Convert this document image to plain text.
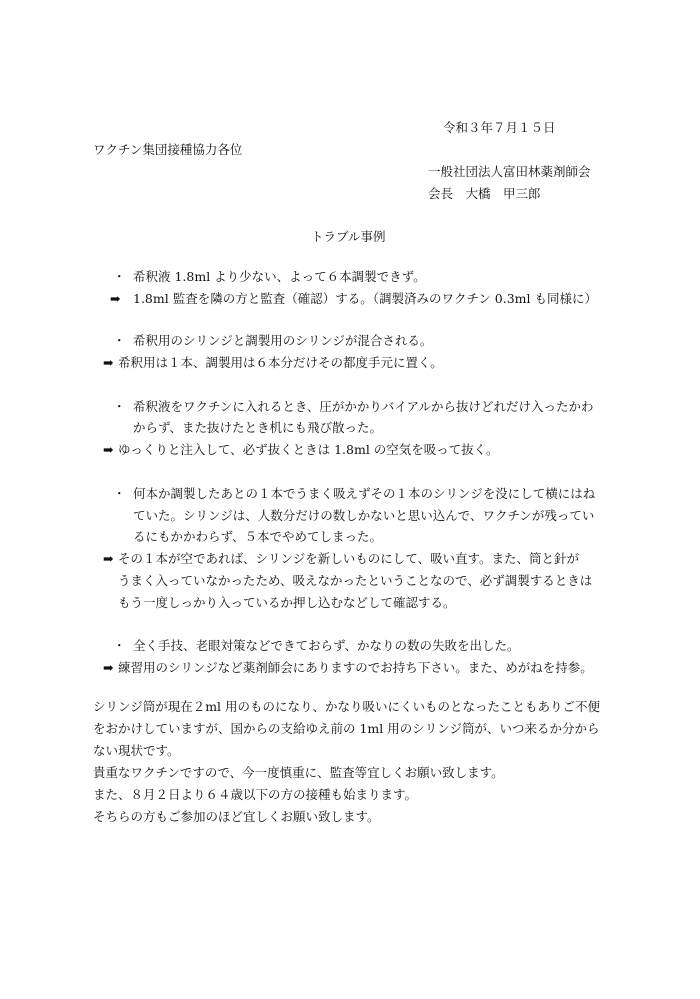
令和３年７月１５日
ワクチン集団接種協力各位
一般社団法人富田林薬剤師会
会長　大橋　甲三郎
トラブル事例
・ 希釈液 1.8ml より少ない、よって６本調製できず。
➡ 1.8ml 監査を隣の方と監査（確認）する。（調製済みのワクチン 0.3ml も同様に）
・ 希釈用のシリンジと調製用のシリンジが混合される。
➡ 希釈用は１本、調製用は６本分だけその都度手元に置く。
・ 希釈液をワクチンに入れるとき、圧がかかりバイアルから抜けどれだけ入ったかわ
からず、また抜けたとき机にも飛び散った。
➡ ゆっくりと注入して、必ず抜くときは 1.8ml の空気を吸って抜く。
・ 何本か調製したあとの１本でうまく吸えずその１本のシリンジを没にして横にはね
ていた。シリンジは、人数分だけの数しかないと思い込んで、ワクチンが残ってい
るにもかかわらず、５本でやめてしまった。
➡ その１本が空であれば、シリンジを新しいものにして、吸い直す。また、筒と針が
うまく入っていなかったため、吸えなかったということなので、必ず調製するときは
もう一度しっかり入っているか押し込むなどして確認する。
・ 全く手技、老眼対策などできておらず、かなりの数の失敗を出した。
➡ 練習用のシリンジなど薬剤師会にありますのでお持ち下さい。また、めがねを持参。
シリンジ筒が現在２ml 用のものになり、かなり吸いにくいものとなったこともありご不便
をおかけしていますが、国からの支給ゆえ前の 1ml 用のシリンジ筒が、いつ来るか分から
ない現状です。
貴重なワクチンですので、今一度慎重に、監査等宜しくお願い致します。
また、８月２日より６４歳以下の方の接種も始まります。
そちらの方もご参加のほど宜しくお願い致します。
